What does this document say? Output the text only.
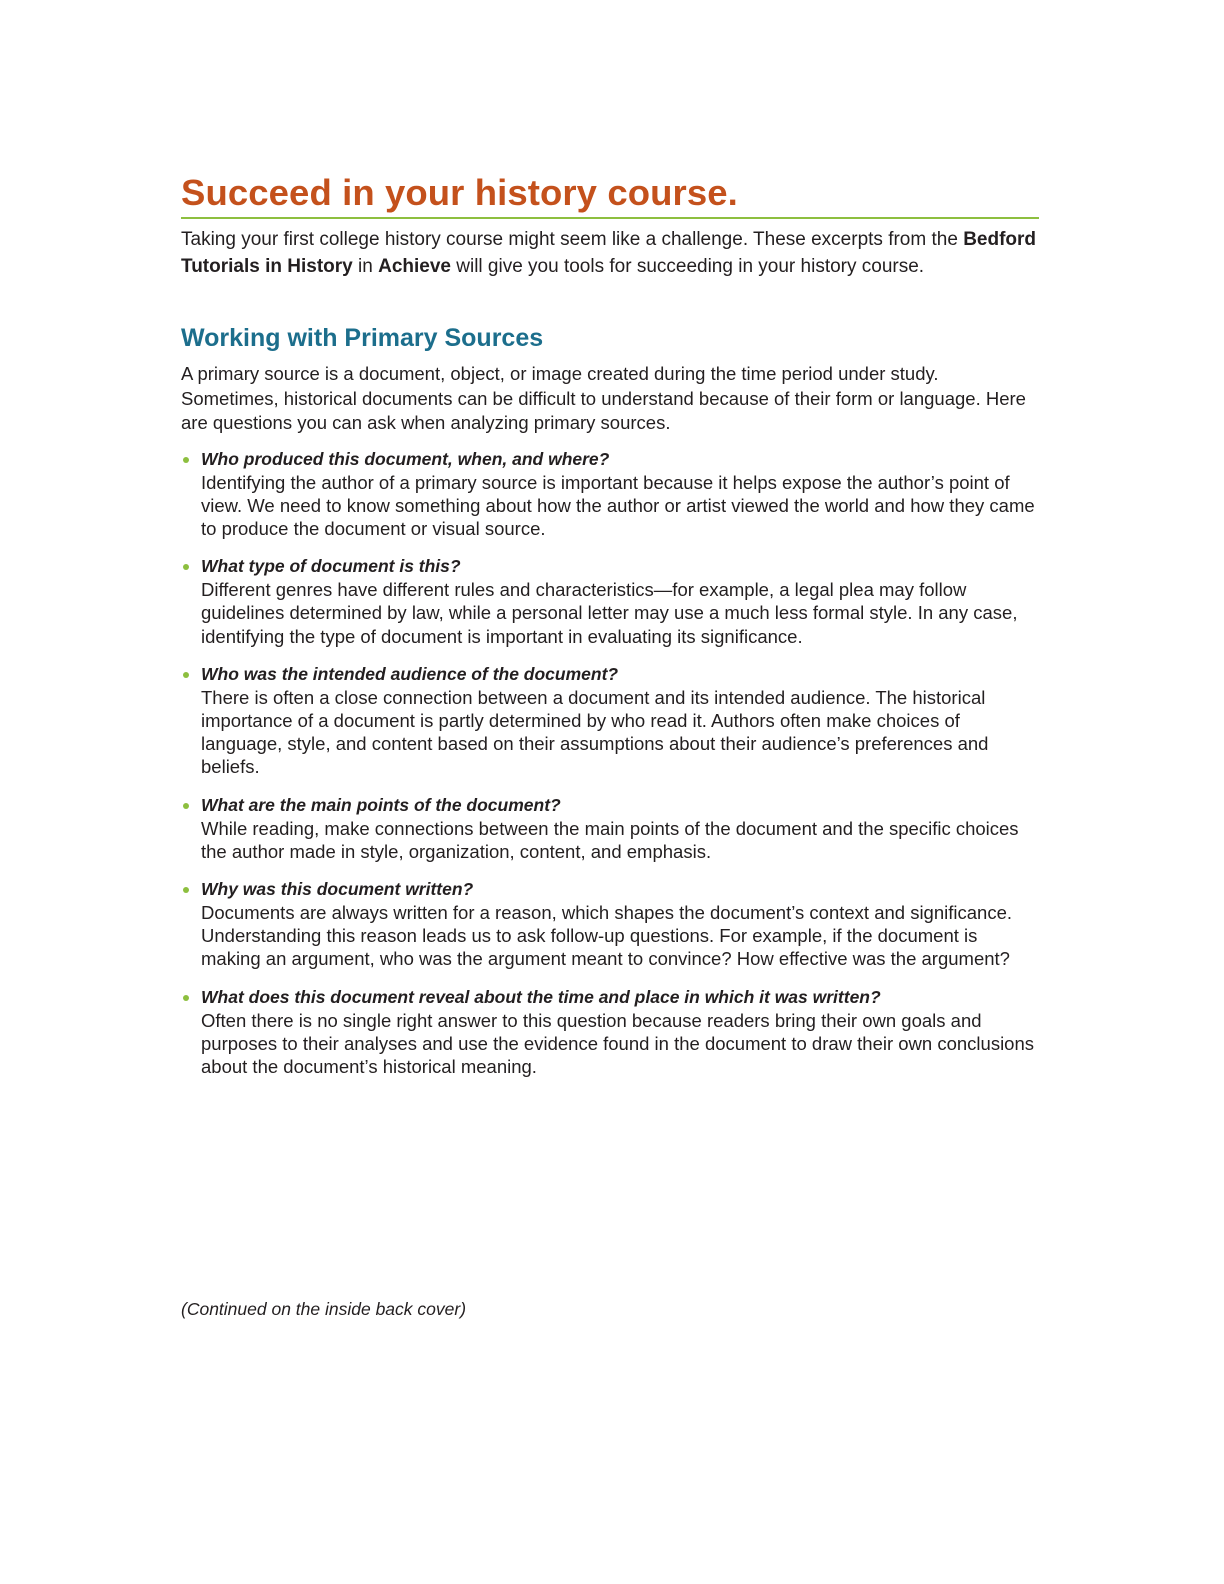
Succeed in your history course.

Taking your first college history course might seem like a challenge. These excerpts from the Bedford Tutorials in History in Achieve will give you tools for succeeding in your history course.

Working with Primary Sources

A primary source is a document, object, or image created during the time period under study. Sometimes, historical documents can be difficult to understand because of their form or language. Here are questions you can ask when analyzing primary sources.

Who produced this document, when, and where?
Identifying the author of a primary source is important because it helps expose the author’s point of view. We need to know something about how the author or artist viewed the world and how they came to produce the document or visual source.
What type of document is this?
Different genres have different rules and characteristics—for example, a legal plea may follow guidelines determined by law, while a personal letter may use a much less formal style. In any case, identifying the type of document is important in evaluating its significance.
Who was the intended audience of the document?
There is often a close connection between a document and its intended audience. The historical importance of a document is partly determined by who read it. Authors often make choices of language, style, and content based on their assumptions about their audience’s preferences and beliefs.
What are the main points of the document?
While reading, make connections between the main points of the document and the specific choices the author made in style, organization, content, and emphasis.
Why was this document written?
Documents are always written for a reason, which shapes the document’s context and significance. Understanding this reason leads us to ask follow-up questions. For example, if the document is making an argument, who was the argument meant to convince? How effective was the argument?
What does this document reveal about the time and place in which it was written?
Often there is no single right answer to this question because readers bring their own goals and purposes to their analyses and use the evidence found in the document to draw their own conclusions about the document’s historical meaning.
(Continued on the inside back cover)
